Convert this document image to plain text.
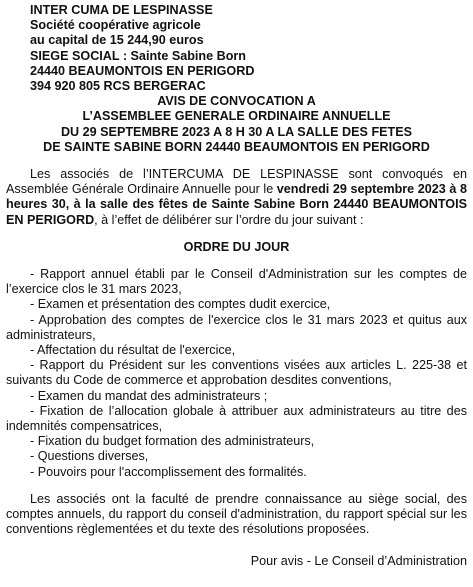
INTER CUMA DE LESPINASSE
Société coopérative agricole
au capital de 15 244,90 euros
SIEGE SOCIAL : Sainte Sabine Born
24440 BEAUMONTOIS EN PERIGORD
394 920 805 RCS BERGERAC
AVIS DE CONVOCATION A
L’ASSEMBLEE GENERALE ORDINAIRE ANNUELLE
DU 29 SEPTEMBRE 2023 A 8 H 30 A LA SALLE DES FETES
DE SAINTE SABINE BORN 24440 BEAUMONTOIS EN PERIGORD

Les associés de l’INTERCUMA DE LESPINASSE sont convoqués en Assemblée Générale Ordinaire Annuelle pour le vendredi 29 septembre 2023 à 8 heures 30, à la salle des fêtes de Sainte Sabine Born 24440 BEAUMONTOIS EN PERIGORD, à l’effet de délibérer sur l’ordre du jour suivant :

ORDRE DU JOUR

- Rapport annuel établi par le Conseil d'Administration sur les comptes de l’exercice clos le 31 mars 2023,

- Examen et présentation des comptes dudit exercice,

- Approbation des comptes de l'exercice clos le 31 mars 2023 et quitus aux administrateurs,

- Affectation du résultat de l'exercice,

- Rapport du Président sur les conventions visées aux articles L. 225-38 et suivants du Code de commerce et approbation desdites conventions,

- Examen du mandat des administrateurs ;

- Fixation de l’allocation globale à attribuer aux administrateurs au titre des indemnités compensatrices,

- Fixation du budget formation des administrateurs,

- Questions diverses,

- Pouvoirs pour l'accomplissement des formalités.

Les associés ont la faculté de prendre connaissance au siège social, des comptes annuels, du rapport du conseil d'administration, du rapport spécial sur les conventions règlementées et du texte des résolutions proposées.

Pour avis - Le Conseil d’Administration
